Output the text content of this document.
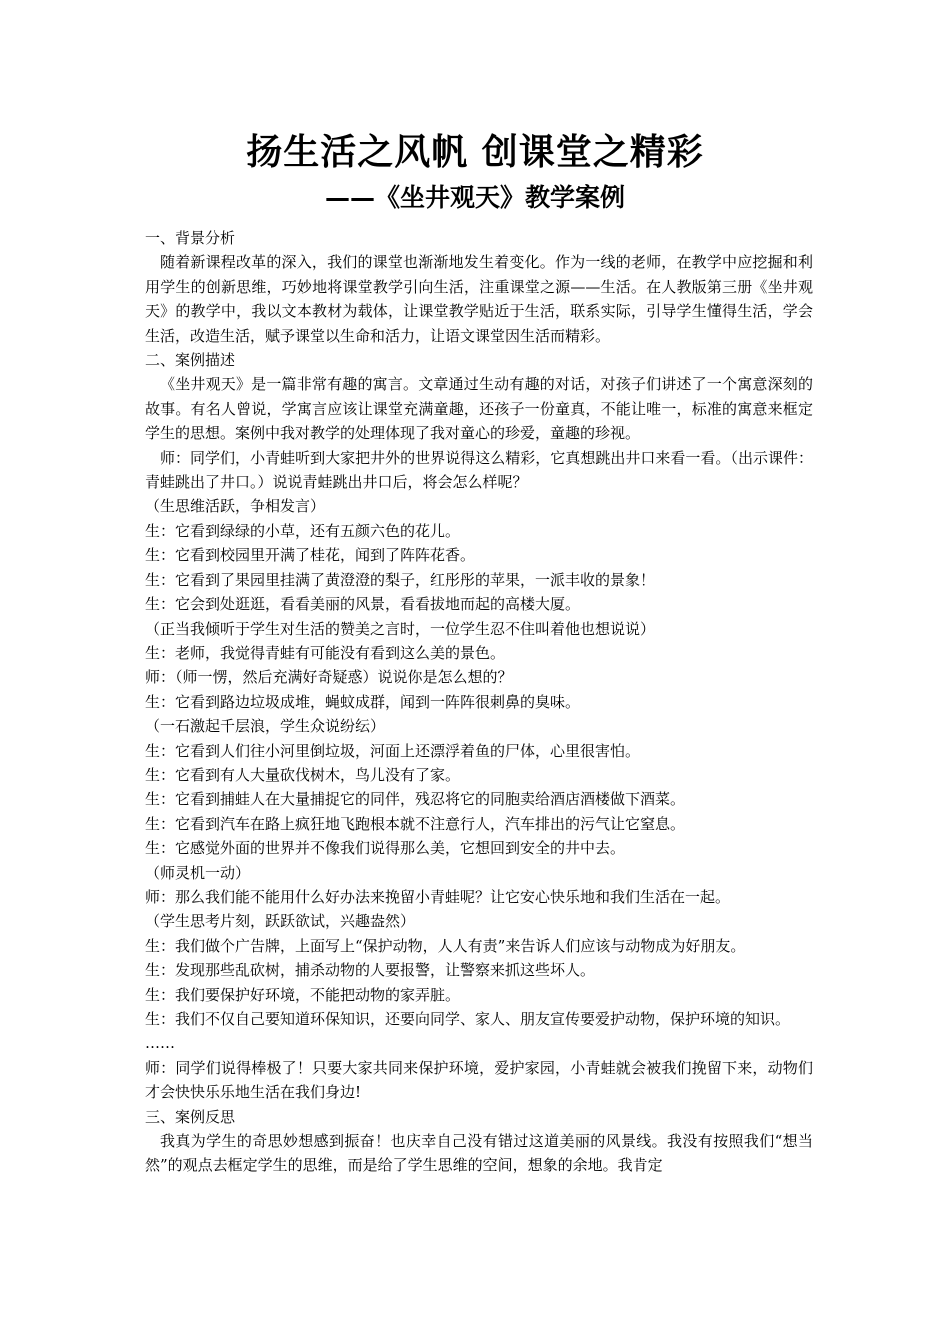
扬生活之风帆 创课堂之精彩
——《坐井观天》教学案例

一、背景分析

随着新课程改革的深入，我们的课堂也渐渐地发生着变化。作为一线的老师，在教学中应挖掘和利用学生的创新思维，巧妙地将课堂教学引向生活，注重课堂之源——生活。在人教版第三册《坐井观天》的教学中，我以文本教材为载体，让课堂教学贴近于生活，联系实际，引导学生懂得生活，学会生活，改造生活，赋予课堂以生命和活力，让语文课堂因生活而精彩。

二、案例描述

《坐井观天》是一篇非常有趣的寓言。文章通过生动有趣的对话，对孩子们讲述了一个寓意深刻的故事。有名人曾说，学寓言应该让课堂充满童趣，还孩子一份童真，不能让唯一，标准的寓意来框定学生的思想。案例中我对教学的处理体现了我对童心的珍爱，童趣的珍视。

师：同学们，小青蛙听到大家把井外的世界说得这么精彩，它真想跳出井口来看一看。（出示课件：青蛙跳出了井口。）说说青蛙跳出井口后，将会怎么样呢？

（生思维活跃，争相发言）

生：它看到绿绿的小草，还有五颜六色的花儿。

生：它看到校园里开满了桂花，闻到了阵阵花香。

生：它看到了果园里挂满了黄澄澄的梨子，红彤彤的苹果，一派丰收的景象！

生：它会到处逛逛，看看美丽的风景，看看拔地而起的高楼大厦。

（正当我倾听于学生对生活的赞美之言时，一位学生忍不住叫着他也想说说）

生：老师，我觉得青蛙有可能没有看到这么美的景色。

师：（师一愣，然后充满好奇疑惑）说说你是怎么想的？

生：它看到路边垃圾成堆，蝇蚊成群，闻到一阵阵很刺鼻的臭味。

（一石激起千层浪，学生众说纷纭）

生：它看到人们往小河里倒垃圾，河面上还漂浮着鱼的尸体，心里很害怕。

生：它看到有人大量砍伐树木，鸟儿没有了家。

生：它看到捕蛙人在大量捕捉它的同伴，残忍将它的同胞卖给酒店酒楼做下酒菜。

生：它看到汽车在路上疯狂地飞跑根本就不注意行人，汽车排出的污气让它窒息。

生：它感觉外面的世界并不像我们说得那么美，它想回到安全的井中去。

（师灵机一动）

师：那么我们能不能用什么好办法来挽留小青蛙呢？让它安心快乐地和我们生活在一起。

（学生思考片刻，跃跃欲试，兴趣盎然）

生：我们做个广告牌，上面写上“保护动物，人人有责”来告诉人们应该与动物成为好朋友。

生：发现那些乱砍树，捕杀动物的人要报警，让警察来抓这些坏人。

生：我们要保护好环境，不能把动物的家弄脏。

生：我们不仅自己要知道环保知识，还要向同学、家人、朋友宣传要爱护动物，保护环境的知识。

……

师：同学们说得棒极了！只要大家共同来保护环境，爱护家园，小青蛙就会被我们挽留下来，动物们才会快快乐乐地生活在我们身边!

三、案例反思

我真为学生的奇思妙想感到振奋！也庆幸自己没有错过这道美丽的风景线。我没有按照我们“想当然”的观点去框定学生的思维，而是给了学生思维的空间，想象的余地。我肯定
